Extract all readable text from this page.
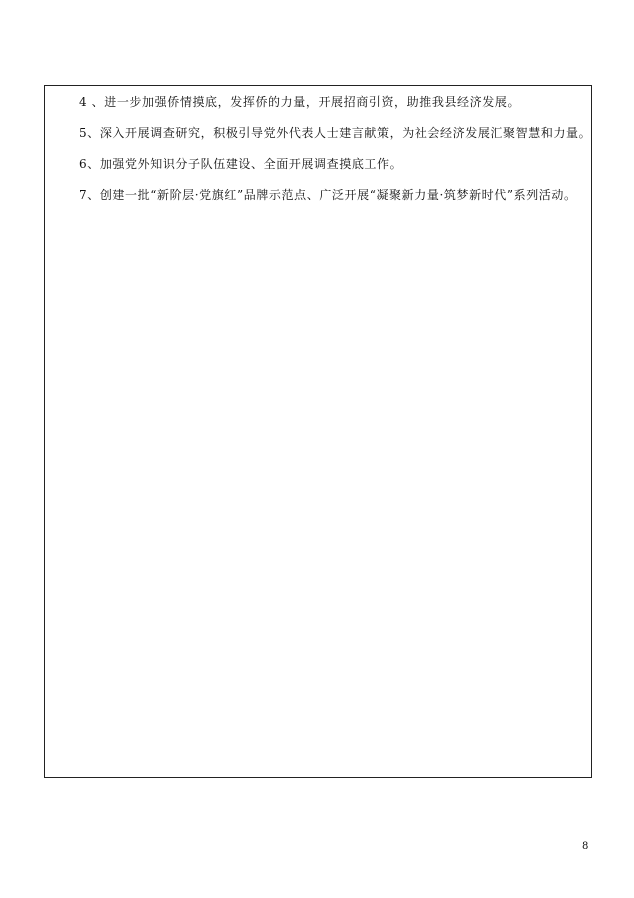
4 、进一步加强侨情摸底，发挥侨的力量，开展招商引资，助推我县经济发展。
5、深入开展调查研究，积极引导党外代表人士建言献策，为社会经济发展汇聚智慧和力量。
6、加强党外知识分子队伍建设、全面开展调查摸底工作。
7、创建一批“新阶层·党旗红”品牌示范点、广泛开展“凝聚新力量·筑梦新时代”系列活动。
8
